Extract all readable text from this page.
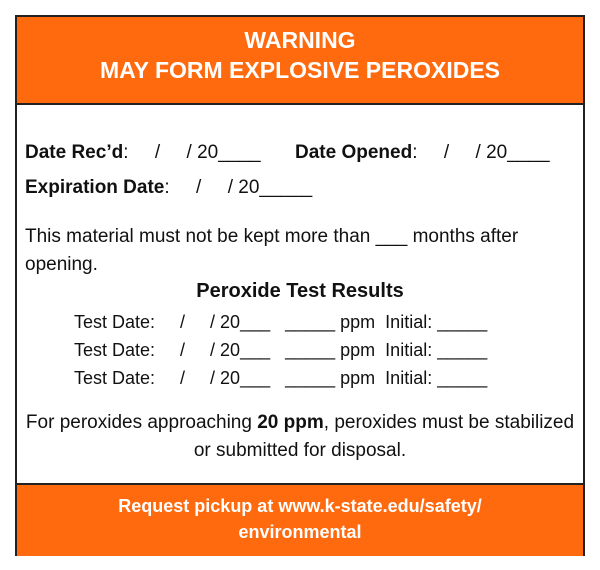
WARNING
MAY FORM EXPLOSIVE PEROXIDES
Date Rec’d:     /     / 20____ Date Opened:     /     / 20____
Expiration Date:     /     / 20_____
This material must not be kept more than ___ months after opening.
Peroxide Test Results
Test Date:     /     / 20___   _____ ppm  Initial: _____
Test Date:     /     / 20___   _____ ppm  Initial: _____
Test Date:     /     / 20___   _____ ppm  Initial: _____
For peroxides approaching 20 ppm, peroxides must be stabilized or submitted for disposal.
Request pickup at www.k-state.edu/safety/
environmental
